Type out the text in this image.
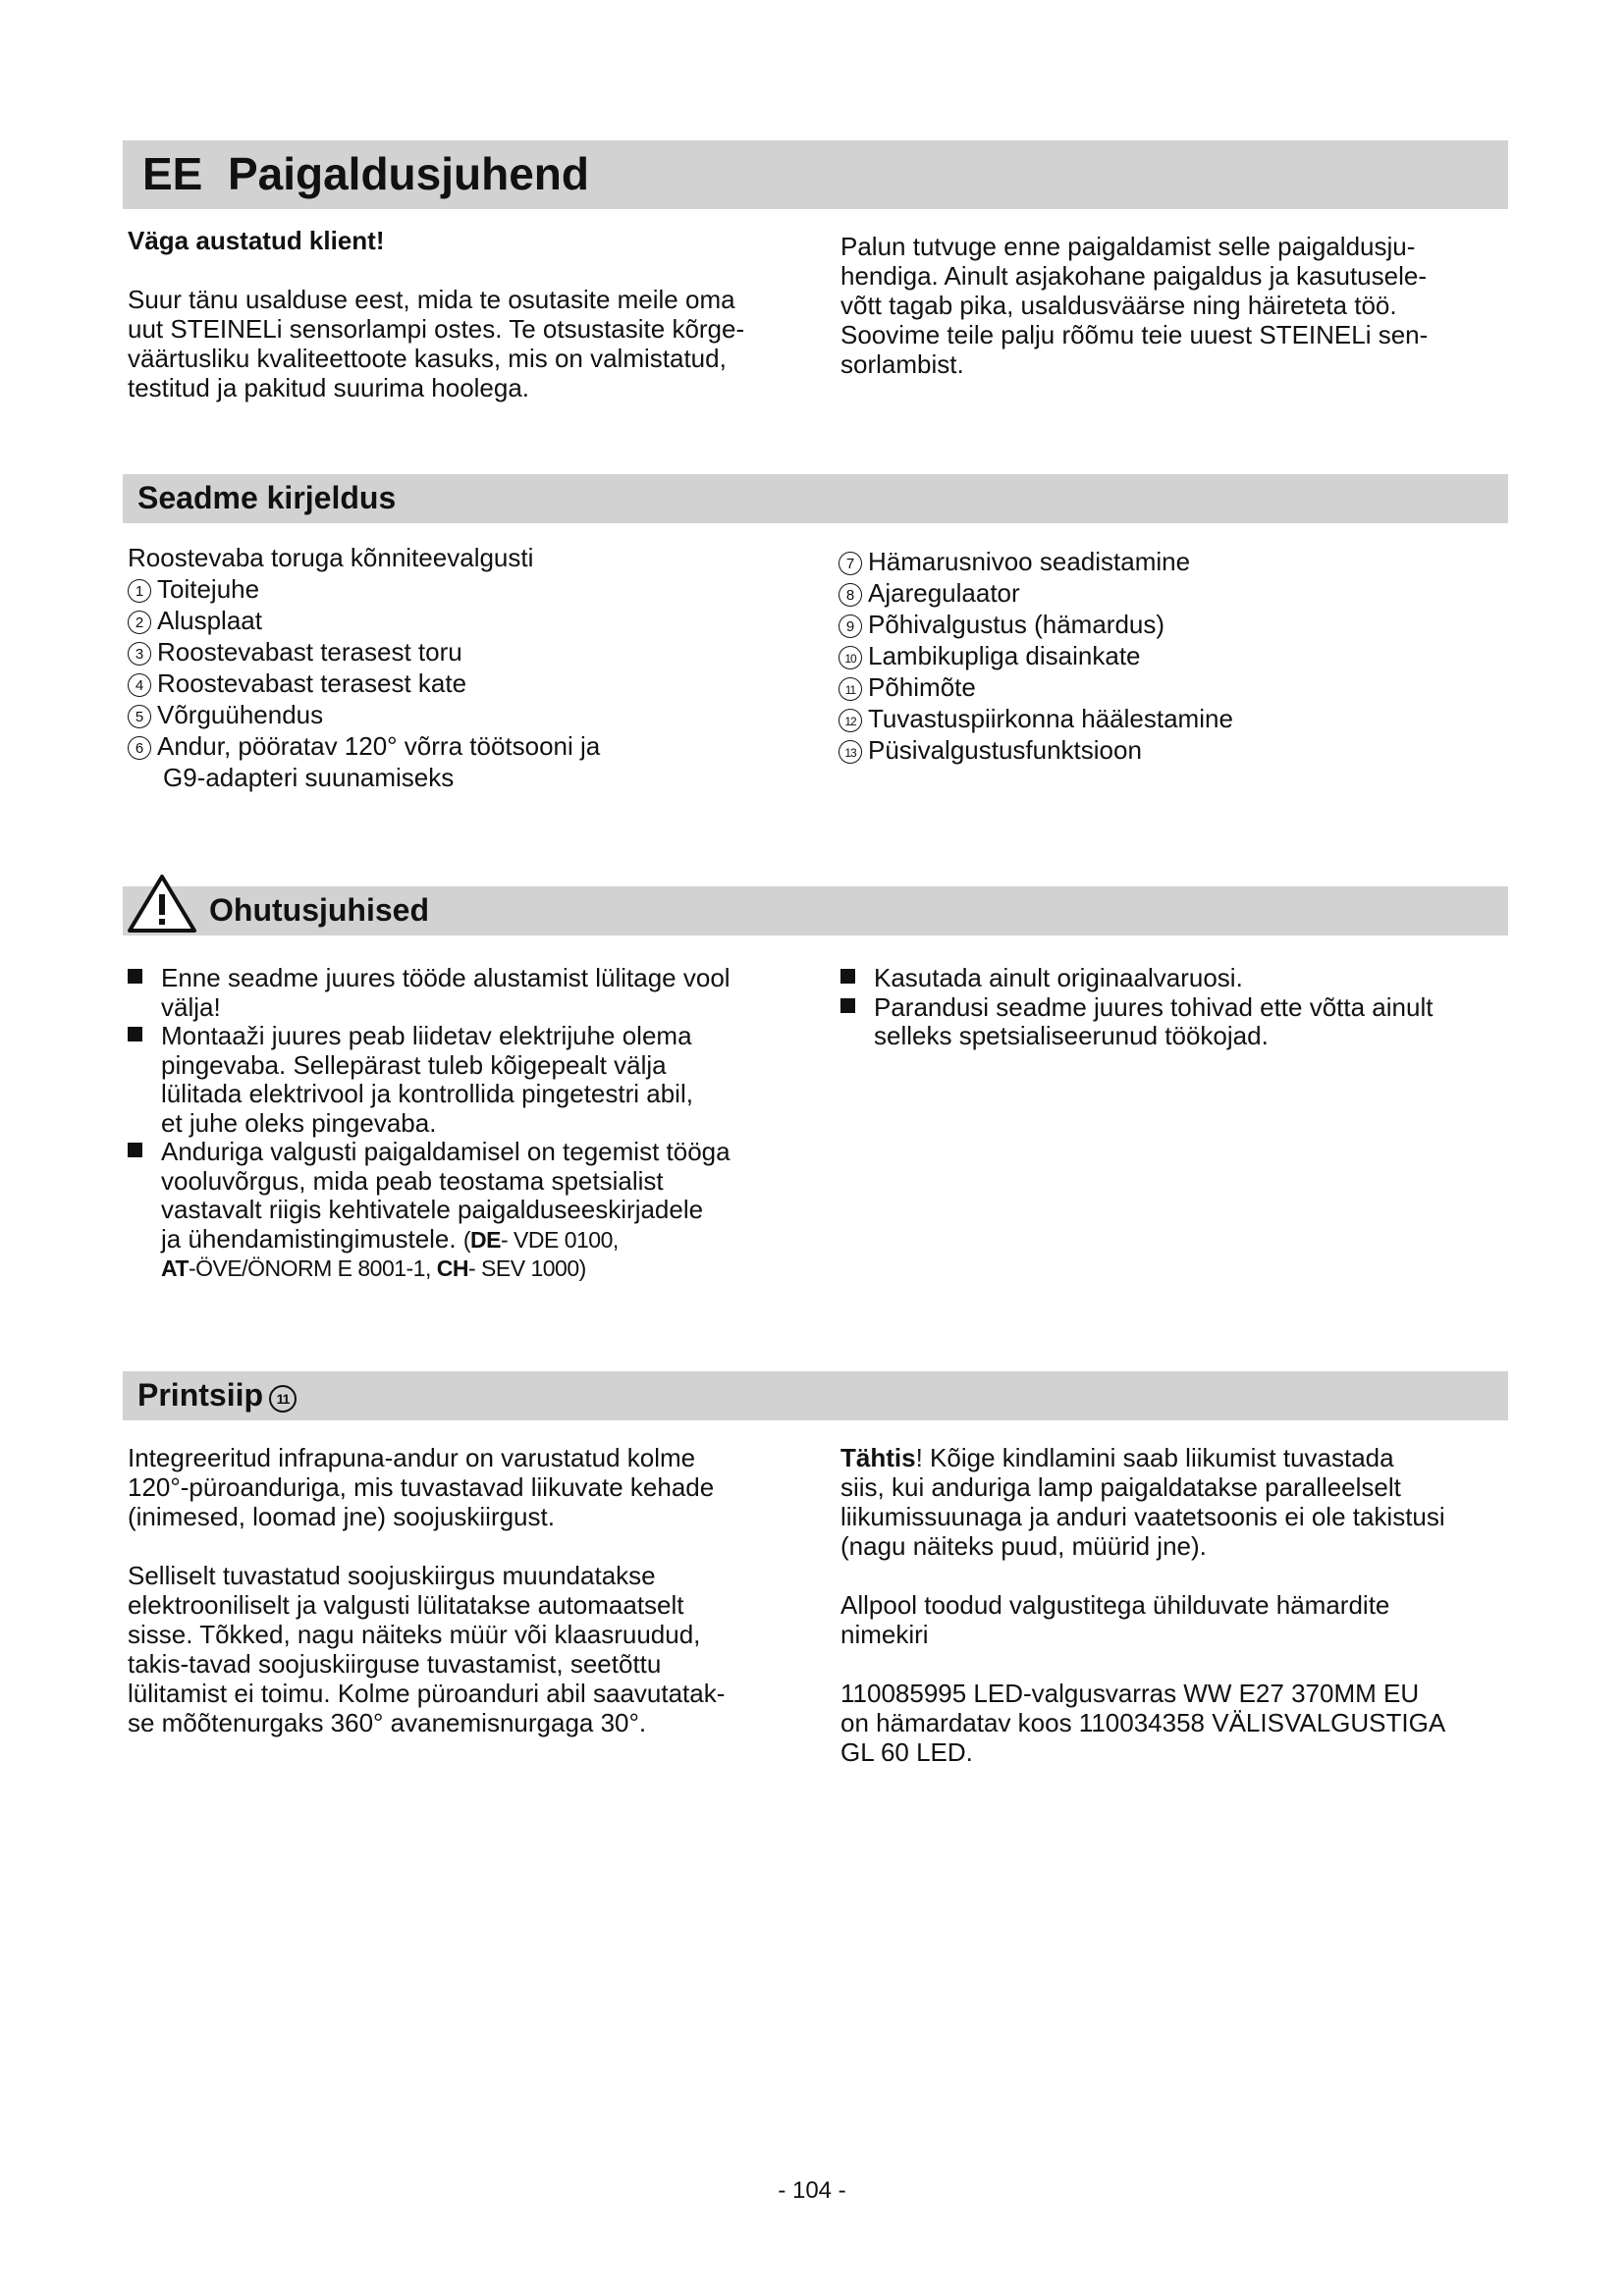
EE Paigaldusjuhend

Väga austatud klient!

Suur tänu usalduse eest, mida te osutasite meile oma

uut STEINELi sensorlampi ostes. Te otsustasite kõrge-

väärtusliku kvaliteettoote kasuks, mis on valmistatud,

testitud ja pakitud suurima hoolega.

Palun tutvuge enne paigaldamist selle paigaldusju-

hendiga. Ainult asjakohane paigaldus ja kasutusele-

võtt tagab pika, usaldusväärse ning häireteta töö.

Soovime teile palju rõõmu teie uuest STEINELi sen-

sorlambist.

Seadme kirjeldus

Roostevaba toruga kõnniteevalgusti

1 Toitejuhe

2 Alusplaat

3 Roostevabast terasest toru

4 Roostevabast terasest kate

5 Võrguühendus

6 Andur, pööratav 120° võrra töötsooni ja

G9-adapteri suunamiseks

7 Hämarusnivoo seadistamine

8 Ajaregulaator

9 Põhivalgustus (hämardus)

10 Lambikupliga disainkate

11 Põhimõte

12 Tuvastuspiirkonna häälestamine

13 Püsivalgustusfunktsioon

Ohutusjuhised

Enne seadme juures tööde alustamist lülitage vool

välja!

Montaaži juures peab liidetav elektrijuhe olema

pingevaba. Sellepärast tuleb kõigepealt välja

lülitada elektrivool ja kontrollida pingetestri abil,

et juhe oleks pingevaba.

Anduriga valgusti paigaldamisel on tegemist tööga

vooluvõrgus, mida peab teostama spetsialist

vastavalt riigis kehtivatele paigalduseeskirjadele

ja ühendamistingimustele. (DE- VDE 0100,

AT-ÖVE/ÖNORM E 8001-1, CH- SEV 1000)

Kasutada ainult originaalvaruosi.

Parandusi seadme juures tohivad ette võtta ainult

selleks spetsialiseerunud töökojad.

Printsiip 11

Integreeritud infrapuna-andur on varustatud kolme

120°-püroanduriga, mis tuvastavad liikuvate kehade

(inimesed, loomad jne) soojuskiirgust.

Selliselt tuvastatud soojuskiirgus muundatakse

elektrooniliselt ja valgusti lülitatakse automaatselt

sisse. Tõkked, nagu näiteks müür või klaasruudud,

takis-tavad soojuskiirguse tuvastamist, seetõttu

lülitamist ei toimu. Kolme püroanduri abil saavutatak-

se mõõtenurgaks 360° avanemisnurgaga 30°.

Tähtis! Kõige kindlamini saab liikumist tuvastada

siis, kui anduriga lamp paigaldatakse paralleelselt

liikumissuunaga ja anduri vaatetsoonis ei ole takistusi

(nagu näiteks puud, müürid jne).

Allpool toodud valgustitega ühilduvate hämardite

nimekiri

110085995 LED-valgusvarras WW E27 370MM EU

on hämardatav koos 110034358 VÄLISVALGUSTIGA

GL 60 LED.

- 104 -
